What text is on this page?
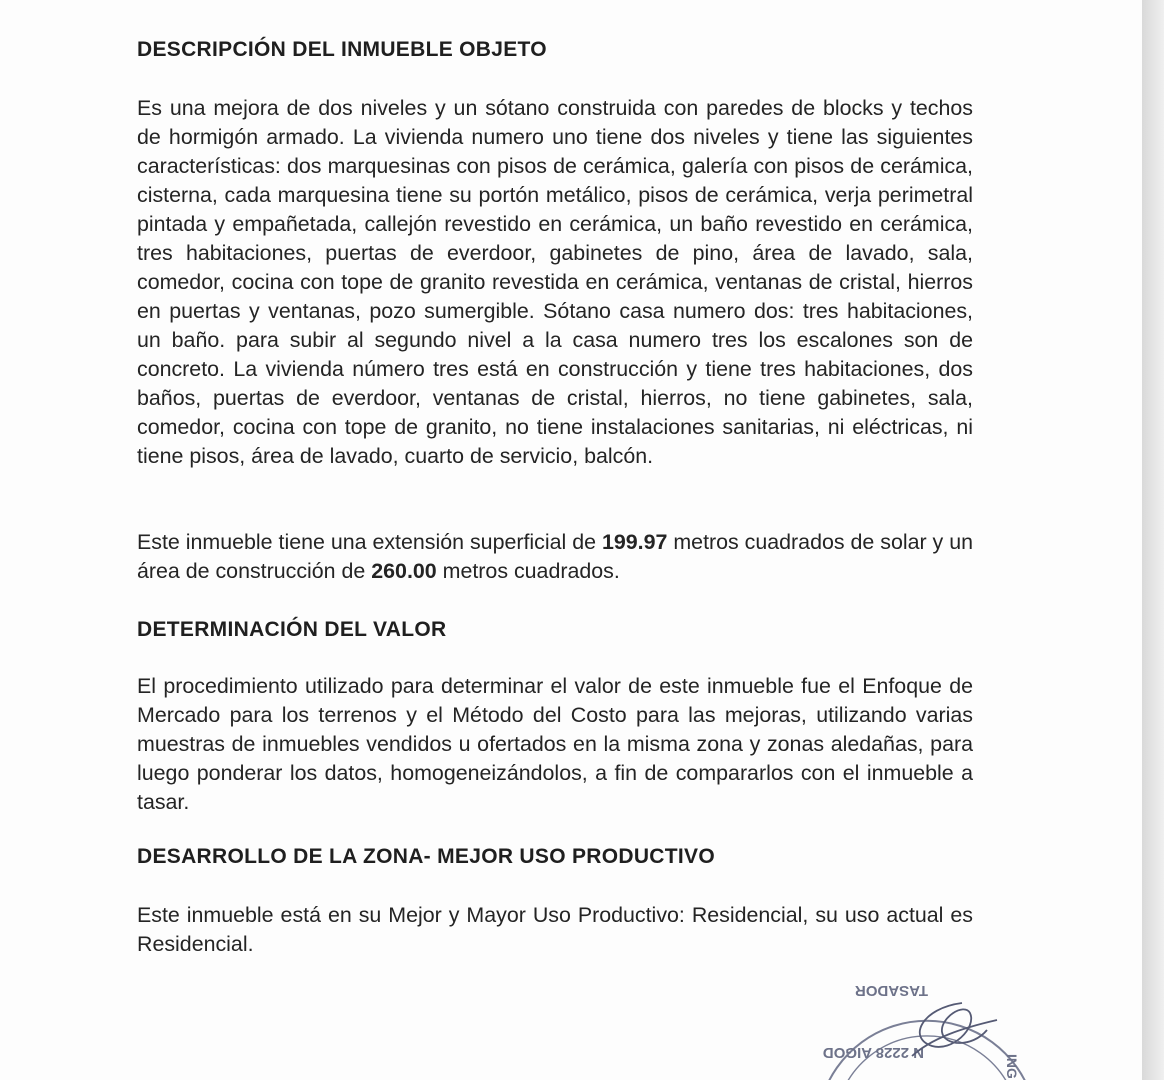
DESCRIPCIÓN DEL INMUEBLE OBJETO

Es una mejora de dos niveles y un sótano construida con paredes de blocks y techos de hormigón armado. La vivienda numero uno tiene dos niveles y tiene las siguientes características: dos marquesinas con pisos de cerámica, galería con pisos de cerámica, cisterna, cada marquesina tiene su portón metálico, pisos de cerámica, verja perimetral pintada y empañetada, callejón revestido en cerámica, un baño revestido en cerámica, tres habitaciones, puertas de everdoor, gabinetes de pino, área de lavado, sala, comedor, cocina con tope de granito revestida en cerámica, ventanas de cristal, hierros en puertas y ventanas, pozo sumergible. Sótano casa numero dos: tres habitaciones, un baño. para subir al segundo nivel a la casa numero tres los escalones son de concreto. La vivienda número tres está en construcción y tiene tres habitaciones, dos baños, puertas de everdoor, ventanas de cristal, hierros, no tiene gabinetes, sala, comedor, cocina con tope de granito, no tiene instalaciones sanitarias, ni eléctricas, ni tiene pisos, área de lavado, cuarto de servicio, balcón.

Este inmueble tiene una extensión superficial de 199.97 metros cuadrados de solar y un área de construcción de 260.00 metros cuadrados.

DETERMINACIÓN DEL VALOR

El procedimiento utilizado para determinar el valor de este inmueble fue el Enfoque de Mercado para los terrenos y el Método del Costo para las mejoras, utilizando varias muestras de inmuebles vendidos u ofertados en la misma zona y zonas aledañas, para luego ponderar los datos, homogeneizándolos, a fin de compararlos con el inmueble a tasar.

DESARROLLO DE LA ZONA- MEJOR USO PRODUCTIVO

Este inmueble está en su Mejor y Mayor Uso Productivo: Residencial, su uso actual es Residencial.

TASADOR
N 2228 AIGOD
ING
